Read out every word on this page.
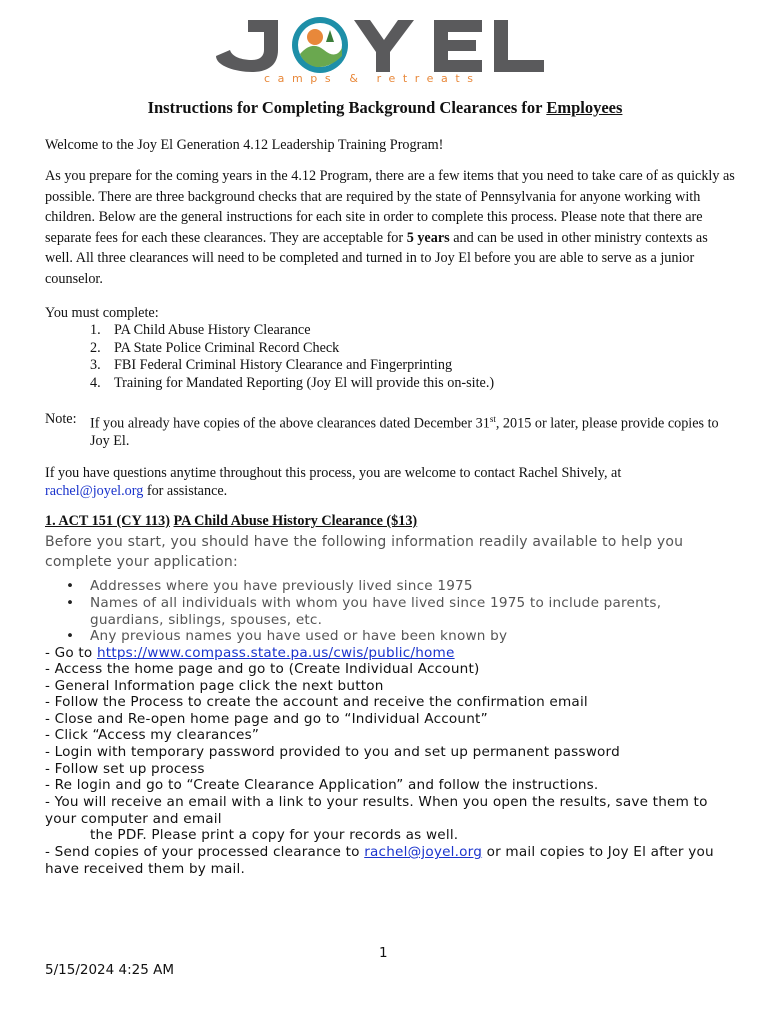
camps & retreats
Instructions for Completing Background Clearances for Employees
Welcome to the Joy El Generation 4.12 Leadership Training Program!
As you prepare for the coming years in the 4.12 Program, there are a few items that you need to take care of as quickly as possible. There are three background checks that are required by the state of Pennsylvania for anyone working with children. Below are the general instructions for each site in order to complete this process. Please note that there are separate fees for each these clearances. They are acceptable for 5 years and can be used in other ministry contexts as well. All three clearances will need to be completed and turned in to Joy El before you are able to serve as a junior counselor.
You must complete:
1. PA Child Abuse History Clearance
2. PA State Police Criminal Record Check
3. FBI Federal Criminal History Clearance and Fingerprinting
4. Training for Mandated Reporting (Joy El will provide this on-site.)
Note: If you already have copies of the above clearances dated December 31st, 2015 or later, please provide copies to Joy El.
If you have questions anytime throughout this process, you are welcome to contact Rachel Shively, at
rachel@joyel.org for assistance.
1. ACT 151 (CY 113) PA Child Abuse History Clearance ($13)
Before you start, you should have the following information readily available to help you complete your application:
• Addresses where you have previously lived since 1975
• Names of all individuals with whom you have lived since 1975 to include parents, guardians, siblings, spouses, etc.
• Any previous names you have used or have been known by
- Go to https://www.compass.state.pa.us/cwis/public/home
- Access the home page and go to (Create Individual Account)
- General Information page click the next button
- Follow the Process to create the account and receive the confirmation email
- Close and Re-open home page and go to “Individual Account”
- Click “Access my clearances”
- Login with temporary password provided to you and set up permanent password
- Follow set up process
- Re login and go to “Create Clearance Application” and follow the instructions.
- You will receive an email with a link to your results. When you open the results, save them to your computer and email
the PDF. Please print a copy for your records as well.
- Send copies of your processed clearance to rachel@joyel.org or mail copies to Joy El after you have received them by mail.
1
5/15/2024 4:25 AM
